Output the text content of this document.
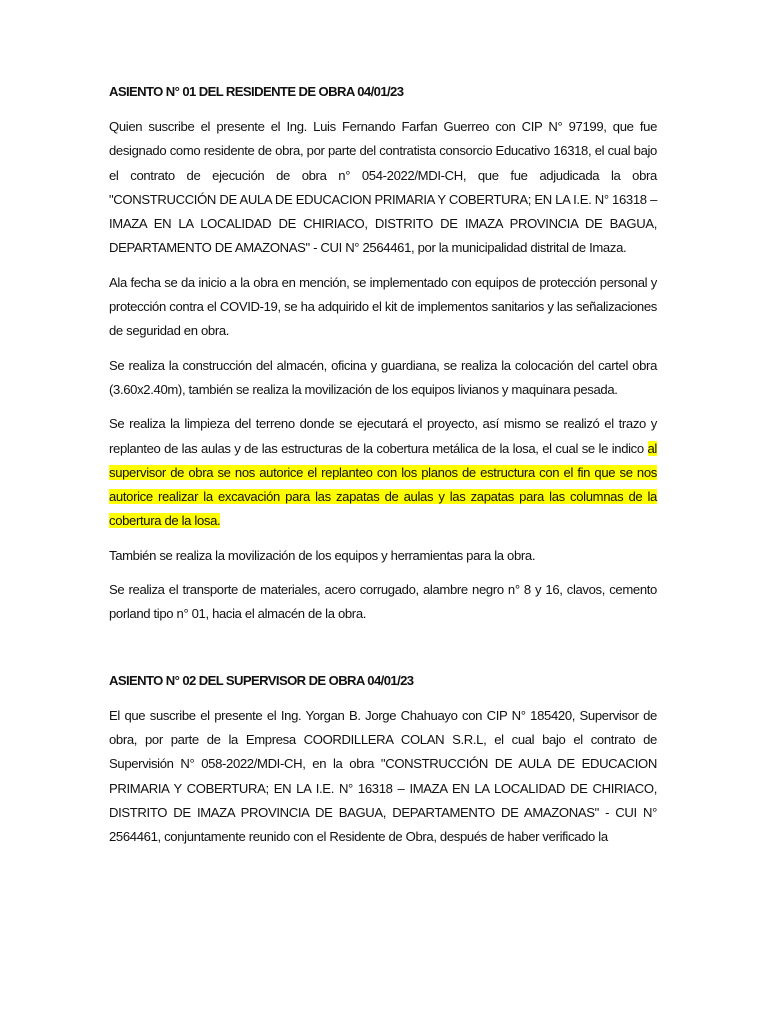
ASIENTO N° 01 DEL RESIDENTE DE OBRA 04/01/23

Quien suscribe el presente el Ing. Luis Fernando Farfan Guerreo con CIP N° 97199, que fue designado como residente de obra, por parte del contratista consorcio Educativo 16318, el cual bajo el contrato de ejecución de obra n° 054-2022/MDI-CH, que fue adjudicada la obra "CONSTRUCCIÓN DE AULA DE EDUCACION PRIMARIA Y COBERTURA; EN LA I.E. N° 16318 – IMAZA EN LA LOCALIDAD DE CHIRIACO, DISTRITO DE IMAZA PROVINCIA DE BAGUA, DEPARTAMENTO DE AMAZONAS" - CUI N° 2564461, por la municipalidad distrital de Imaza.

Ala fecha se da inicio a la obra en mención, se implementado con equipos de protección personal y protección contra el COVID-19, se ha adquirido el kit de implementos sanitarios y las señalizaciones de seguridad en obra.

Se realiza la construcción del almacén, oficina y guardiana, se realiza la colocación del cartel obra (3.60x2.40m), también se realiza la movilización de los equipos livianos y maquinara pesada.

Se realiza la limpieza del terreno donde se ejecutará el proyecto, así mismo se realizó el trazo y replanteo de las aulas y de las estructuras de la cobertura metálica de la losa, el cual se le indico al supervisor de obra se nos autorice el replanteo con los planos de estructura con el fin que se nos autorice realizar la excavación para las zapatas de aulas y las zapatas para las columnas de la cobertura de la losa.

También se realiza la movilización de los equipos y herramientas para la obra.

Se realiza el transporte de materiales, acero corrugado, alambre negro n° 8 y 16, clavos, cemento porland tipo n° 01, hacia el almacén de la obra.

ASIENTO N° 02 DEL SUPERVISOR DE OBRA 04/01/23

El que suscribe el presente el Ing. Yorgan B. Jorge Chahuayo con CIP N° 185420, Supervisor de obra, por parte de la Empresa COORDILLERA COLAN S.R.L, el cual bajo el contrato de Supervisión N° 058-2022/MDI-CH, en la obra "CONSTRUCCIÓN DE AULA DE EDUCACION PRIMARIA Y COBERTURA; EN LA I.E. N° 16318 – IMAZA EN LA LOCALIDAD DE CHIRIACO, DISTRITO DE IMAZA PROVINCIA DE BAGUA, DEPARTAMENTO DE AMAZONAS" - CUI N° 2564461, conjuntamente reunido con el Residente de Obra, después de haber verificado la
